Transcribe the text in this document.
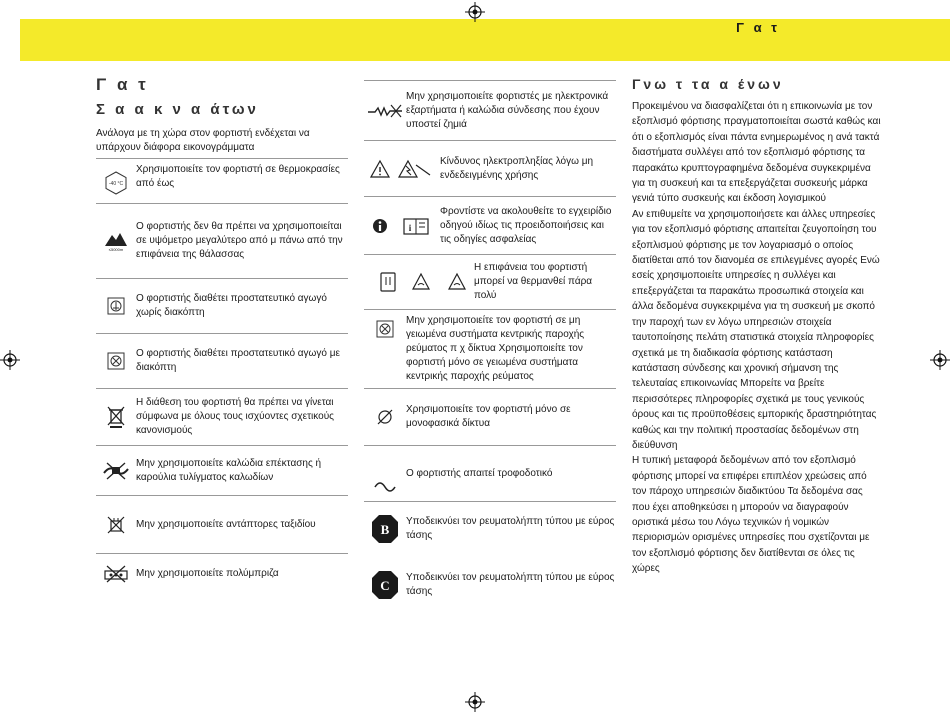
Γ α τ
Γ α τ
Σ α α κ ν α άτων
Ανάλογα με τη χώρα στον φορτιστή ενδέχεται να υπάρχουν διάφορα εικονογράμματα
-40 °C
Χρησιμοποιείτε τον φορτιστή σε θερμοκρασίες από έως
≤5000m
Ο φορτιστής δεν θα πρέπει να χρησιμοποιείται σε υψόμετρο μεγαλύτερο από μ πάνω από την επιφάνεια της θάλασσας
Ο φορτιστής διαθέτει προστατευτικό αγωγό χωρίς διακόπτη
Ο φορτιστής διαθέτει προστατευτικό αγωγό με διακόπτη
Η διάθεση του φορτιστή θα πρέπει να γίνεται σύμφωνα με όλους τους ισχύοντες σχετικούς κανονισμούς
Μην χρησιμοποιείτε καλώδια επέκτασης ή καρούλια τυλίγματος καλωδίων
Μην χρησιμοποιείτε αντάπτορες ταξιδίου
Μην χρησιμοποιείτε πολύμπριζα
Μην χρησιμοποιείτε φορτιστές με ηλεκτρονικά εξαρτήματα ή καλώδια σύνδεσης που έχουν υποστεί ζημιά
Κίνδυνος ηλεκτροπληξίας λόγω μη ενδεδειγμένης χρήσης
i
Φροντίστε να ακολουθείτε το εγχειρίδιο οδηγού ιδίως τις προειδοποιήσεις και τις οδηγίες ασφαλείας
Η επιφάνεια του φορτιστή μπορεί να θερμανθεί πάρα πολύ
Μην χρησιμοποιείτε τον φορτιστή σε μη γειωμένα συστήματα κεντρικής παροχής ρεύματος π χ δίκτυα Χρησιμοποιείτε τον φορτιστή μόνο σε γειωμένα συστήματα κεντρικής παροχής ρεύματος
Χρησιμοποιείτε τον φορτιστή μόνο σε μονοφασικά δίκτυα
Ο φορτιστής απαιτεί τροφοδοτικό
B
Υποδεικνύει τον ρευματολήπτη τύπου με εύρος τάσης
C
Υποδεικνύει τον ρευματολήπτη τύπου με εύρος τάσης
Γνω τ τα α ένων

Προκειμένου να διασφαλίζεται ότι η επικοινωνία με τον εξοπλισμό φόρτισης πραγματοποιείται σωστά καθώς και ότι ο εξοπλισμός είναι πάντα ενημερωμένος η ανά τακτά διαστήματα συλλέγει από τον εξοπλισμό φόρτισης τα παρακάτω κρυπτογραφημένα δεδομένα συγκεκριμένα για τη συσκευή και τα επεξεργάζεται συσκευής μάρκα γενιά τύπο συσκευής και έκδοση λογισμικού

Αν επιθυμείτε να χρησιμοποιήσετε και άλλες υπηρεσίες για τον εξοπλισμό φόρτισης απαιτείται ζευγοποίηση του εξοπλισμού φόρτισης με τον λογαριασμό ο οποίος διατίθεται από τον διανομέα σε επιλεγμένες αγορές Ενώ εσείς χρησιμοποιείτε υπηρεσίες η συλλέγει και επεξεργάζεται τα παρακάτω προσωπικά στοιχεία και άλλα δεδομένα συγκεκριμένα για τη συσκευή με σκοπό την παροχή των εν λόγω υπηρεσιών στοιχεία ταυτοποίησης πελάτη στατιστικά στοιχεία πληροφορίες σχετικά με τη διαδικασία φόρτισης κατάσταση κατάσταση σύνδεσης και χρονική σήμανση της τελευταίας επικοινωνίας Μπορείτε να βρείτε περισσότερες πληροφορίες σχετικά με τους γενικούς όρους και τις προϋποθέσεις εμπορικής δραστηριότητας καθώς και την πολιτική προστασίας δεδομένων στη διεύθυνση

Η τυπική μεταφορά δεδομένων από τον εξοπλισμό φόρτισης μπορεί να επιφέρει επιπλέον χρεώσεις από τον πάροχο υπηρεσιών διαδικτύου Τα δεδομένα σας που έχει αποθηκεύσει η μπορούν να διαγραφούν οριστικά μέσω του Λόγω τεχνικών ή νομικών περιορισμών ορισμένες υπηρεσίες που σχετίζονται με τον εξοπλισμό φόρτισης δεν διατίθενται σε όλες τις χώρες
